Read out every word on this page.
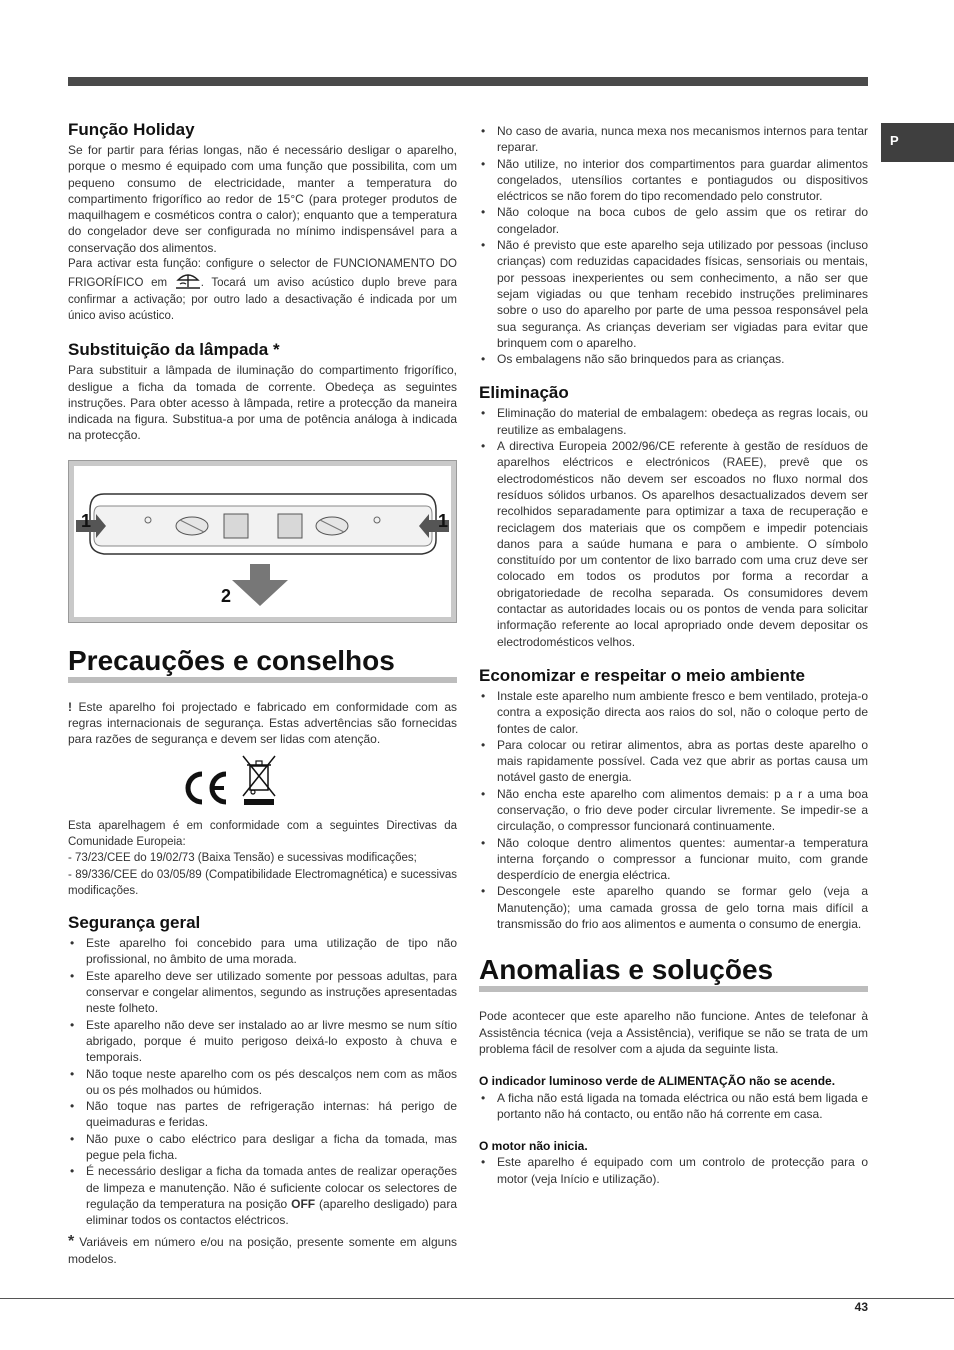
P
Função Holiday

Se for partir para férias longas, não é necessário desligar o aparelho, porque o mesmo é equipado com uma função que possibilita, com um pequeno consumo de electricidade, manter a temperatura do compartimento frigorífico ao redor de 15°C (para proteger produtos de maquilhagem e cosméticos contra o calor); enquanto que a temperatura do congelador deve ser configurada no mínimo indispensável para a conservação dos alimentos.

Para activar esta função: configure o selector de FUNCIONAMENTO DO FRIGORÍFICO em	. Tocará um aviso acústico duplo breve para confirmar a activação; por outro lado a desactivação é indicada por um único aviso acústico.

Substituição da lâmpada *

Para substituir a lâmpada de iluminação do compartimento frigorífico, desligue a ficha da tomada de corrente. Obedeça as seguintes instruções. Para obter acesso à lâmpada, retire a protecção da maneira indicada na figura. Substitua-a por uma de potência análoga à indicada na protecção.

1	1
2
Precauções e conselhos

! Este aparelho foi projectado e fabricado em conformidade com as regras internacionais de segurança. Estas advertências são fornecidas para razões de segurança e devem ser lidas com atenção.

Esta aparelhagem é em conformidade com a seguintes Directivas da Comunidade Europeia:

- 73/23/CEE do 19/02/73 (Baixa Tensão) e sucessivas modificações;

- 89/336/CEE do 03/05/89 (Compatibilidade Electromagnética) e sucessivas modificações.

Segurança geral
• Este aparelho foi concebido para uma utilização de tipo não profissional, no âmbito de uma morada.
• Este aparelho deve ser utilizado somente por pessoas adultas, para conservar e congelar alimentos, segundo as instruções apresentadas neste folheto.
• Este aparelho não deve ser instalado ao ar livre mesmo se num sítio abrigado, porque é muito perigoso deixá-lo exposto à chuva e temporais.
• Não toque neste aparelho com os pés descalços nem com as mãos ou os pés molhados ou húmidos.
• Não toque nas partes de refrigeração internas: há perigo de queimaduras e feridas.
• Não puxe o cabo eléctrico para desligar a ficha da tomada, mas pegue pela ficha.
• É necessário desligar a ficha da tomada antes de realizar operações de limpeza e manutenção. Não é suficiente colocar os selectores de regulação da temperatura na posição OFF (aparelho desligado) para eliminar todos os contactos eléctricos.

* Variáveis em número e/ou na posição, presente somente em alguns modelos.

• No caso de avaria, nunca mexa nos mecanismos internos para tentar reparar.
• Não utilize, no interior dos compartimentos para guardar alimentos congelados, utensílios cortantes e pontiagudos ou dispositivos eléctricos se não forem do tipo recomendado pelo construtor.
• Não coloque na boca cubos de gelo assim que os retirar do congelador.
• Não é previsto que este aparelho seja utilizado por pessoas (incluso crianças) com reduzidas capacidades físicas, sensoriais ou mentais, por pessoas inexperientes ou sem conhecimento, a não ser que sejam vigiadas ou que tenham recebido instruções preliminares sobre o uso do aparelho por parte de uma pessoa responsável pela sua segurança. As crianças deveriam ser vigiadas para evitar que brinquem com o aparelho.
• Os embalagens não são brinquedos para as crianças.
Eliminação
• Eliminação do material de embalagem: obedeça as regras locais, ou reutilize as embalagens.
• A directiva Europeia 2002/96/CE referente à gestão de resíduos de aparelhos eléctricos e electrónicos (RAEE), prevê que os electrodomésticos não devem ser escoados no fluxo normal dos resíduos sólidos urbanos. Os aparelhos desactualizados devem ser recolhidos separadamente para optimizar a taxa de recuperação e reciclagem dos materiais que os compõem e impedir potenciais danos para a saúde humana e para o ambiente. O símbolo constituído por um contentor de lixo barrado com uma cruz deve ser colocado em todos os produtos por forma a recordar a obrigatoriedade de recolha separada. Os consumidores devem contactar as autoridades locais ou os pontos de venda para solicitar informação referente ao local apropriado onde devem depositar os electrodomésticos velhos.
Economizar e respeitar o meio ambiente
• Instale este aparelho num ambiente fresco e bem ventilado, proteja-o contra a exposição directa aos raios do sol, não o coloque perto de fontes de calor.
• Para colocar ou retirar alimentos, abra as portas deste aparelho o mais rapidamente possível. Cada vez que abrir as portas causa um notável gasto de energia.
• Não encha este aparelho com alimentos demais: p a r a uma boa conservação, o frio deve poder circular livremente. Se impedir-se a circulação, o compressor funcionará continuamente.
• Não coloque dentro alimentos quentes: aumentar-a temperatura interna forçando o compressor a funcionar muito, com grande desperdício de energia eléctrica.
• Descongele este aparelho quando se formar gelo (veja a Manutenção); uma camada grossa de gelo torna mais difícil a transmissão do frio aos alimentos e aumenta o consumo de energia.
Anomalias e soluções

Pode acontecer que este aparelho não funcione. Antes de telefonar à Assistência técnica (veja a Assistência), verifique se não se trata de um problema fácil de resolver com a ajuda da seguinte lista.

O indicador luminoso verde de ALIMENTAÇÃO não se acende.

• A ficha não está ligada na tomada eléctrica ou não está bem ligada e portanto não há contacto, ou então não há corrente em casa.

O motor não inicia.

• Este aparelho é equipado com um controlo de protecção para o motor (veja Início e utilização).
43
